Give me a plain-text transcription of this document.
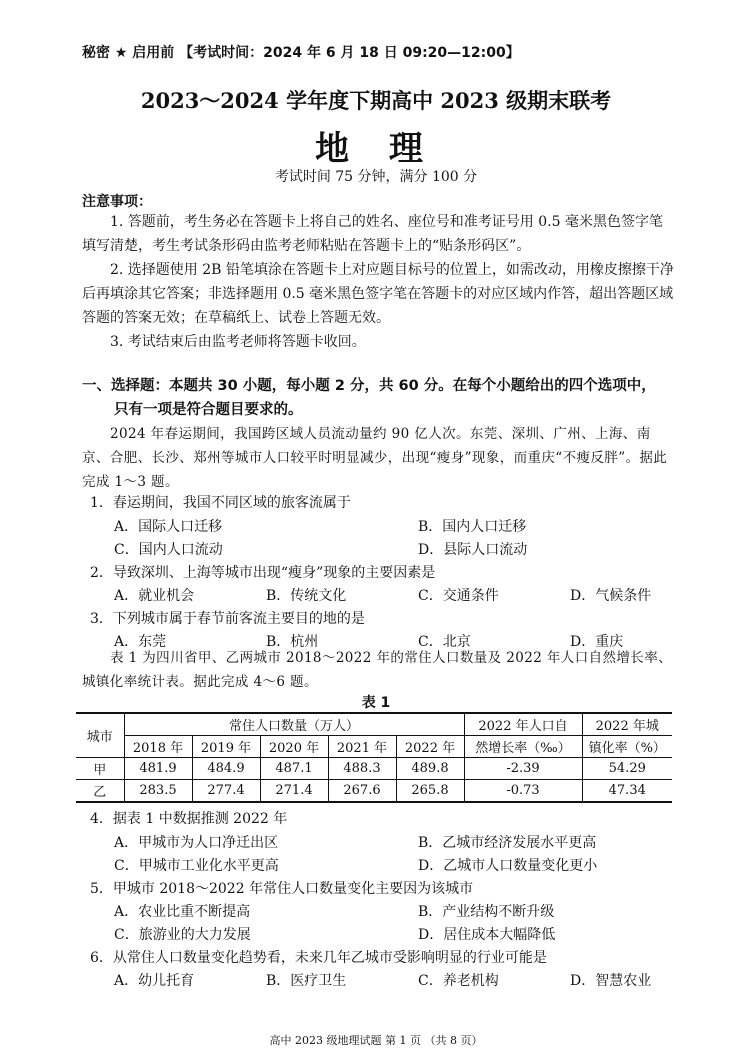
秘密 ★ 启用前 【考试时间：2024 年 6 月 18 日 09:20—12:00】
2023～2024 学年度下期高中 2023 级期末联考
地 理
考试时间 75 分钟，满分 100 分
注意事项：
1. 答题前，考生务必在答题卡上将自己的姓名、座位号和准考证号用 0.5 毫米黑色签字笔填写清楚，考生考试条形码由监考老师粘贴在答题卡上的“贴条形码区”。
2. 选择题使用 2B 铅笔填涂在答题卡上对应题目标号的位置上，如需改动，用橡皮擦擦干净后再填涂其它答案；非选择题用 0.5 毫米黑色签字笔在答题卡的对应区域内作答，超出答题区域答题的答案无效；在草稿纸上、试卷上答题无效。
3. 考试结束后由监考老师将答题卡收回。
一、选择题：本题共 30 小题，每小题 2 分，共 60 分。在每个小题给出的四个选项中，
只有一项是符合题目要求的。
2024 年春运期间，我国跨区域人员流动量约 90 亿人次。东莞、深圳、广州、上海、南京、合肥、长沙、郑州等城市人口较平时明显减少，出现“瘦身”现象，而重庆“不瘦反胖”。据此完成 1～3 题。
1．春运期间，我国不同区域的旅客流属于
A．国际人口迁移	B．国内人口迁移
C．国内人口流动	D．县际人口流动
2．导致深圳、上海等城市出现“瘦身”现象的主要因素是
A．就业机会	B．传统文化	C．交通条件	D．气候条件
3．下列城市属于春节前客流主要目的地的是
A．东莞	B．杭州	C．北京	D．重庆
表 1 为四川省甲、乙两城市 2018～2022 年的常住人口数量及 2022 年人口自然增长率、城镇化率统计表。据此完成 4～6 题。
表 1
城市	常住人口数量（万人）					2022 年人口自	2022 年城
	2018 年	2019 年	2020 年	2021 年	2022 年	然增长率（‰）	镇化率（%）
甲	481.9	484.9	487.1	488.3	489.8	-2.39	54.29
乙	283.5	277.4	271.4	267.6	265.8	-0.73	47.34
4．据表 1 中数据推测 2022 年
A．甲城市为人口净迁出区	B．乙城市经济发展水平更高
C．甲城市工业化水平更高	D．乙城市人口数量变化更小
5．甲城市 2018～2022 年常住人口数量变化主要因为该城市
A．农业比重不断提高	B．产业结构不断升级
C．旅游业的大力发展	D．居住成本大幅降低
6．从常住人口数量变化趋势看，未来几年乙城市受影响明显的行业可能是
A．幼儿托育	B．医疗卫生	C．养老机构	D．智慧农业
高中 2023 级地理试题 第 1 页 （共 8 页）
